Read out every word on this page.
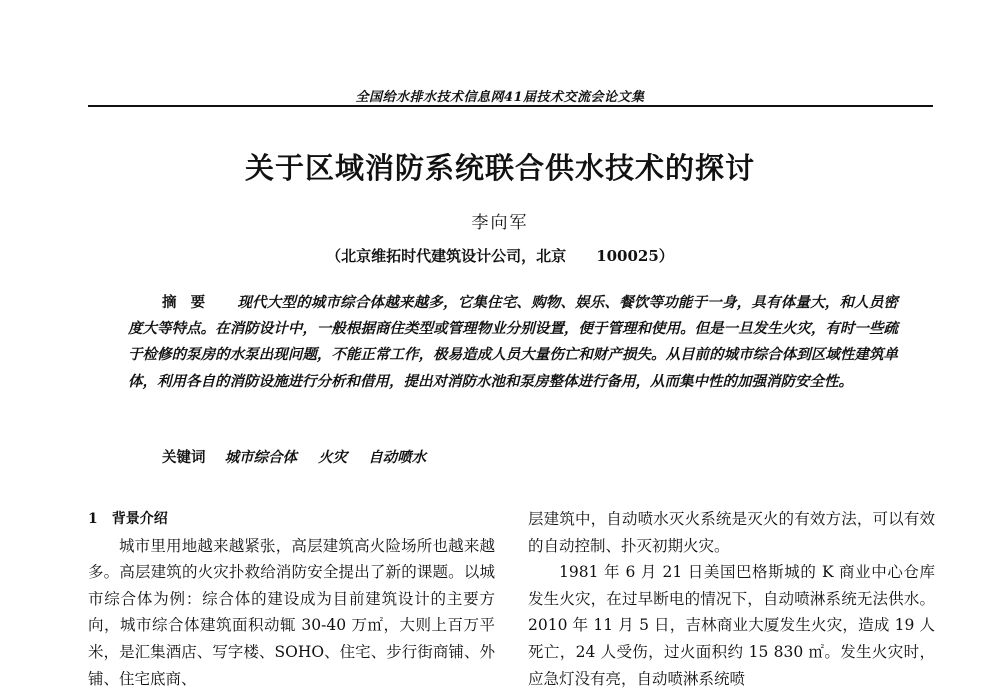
全国给水排水技术信息网41届技术交流会论文集
关于区域消防系统联合供水技术的探讨
李向军
（北京维拓时代建筑设计公司，北京 100025）
摘要 现代大型的城市综合体越来越多，它集住宅、购物、娱乐、餐饮等功能于一身，具有体量大，和人员密度大等特点。在消防设计中，一般根据商住类型或管理物业分别设置，便于管理和使用。但是一旦发生火灾，有时一些疏于检修的泵房的水泵出现问题，不能正常工作，极易造成人员大量伤亡和财产损失。从目前的城市综合体到区域性建筑单体，利用各自的消防设施进行分析和借用，提出对消防水池和泵房整体进行备用，从而集中性的加强消防安全性。
关键词 城市综合体 火灾 自动喷水
1 背景介绍

城市里用地越来越紧张，高层建筑高火险场所也越来越多。高层建筑的火灾扑救给消防安全提出了新的课题。以城市综合体为例：综合体的建设成为目前建筑设计的主要方向，城市综合体建筑面积动辄 30-40 万㎡，大则上百万平米，是汇集酒店、写字楼、SOHO、住宅、步行街商铺、外铺、住宅底商、

层建筑中，自动喷水灭火系统是灭火的有效方法，可以有效的自动控制、扑灭初期火灾。

1981 年 6 月 21 日美国巴格斯城的 K 商业中心仓库发生火灾，在过早断电的情况下，自动喷淋系统无法供水。2010 年 11 月 5 日，吉林商业大厦发生火灾，造成 19 人死亡，24 人受伤，过火面积约 15 830 ㎡。发生火灾时，应急灯没有亮，自动喷淋系统喷
